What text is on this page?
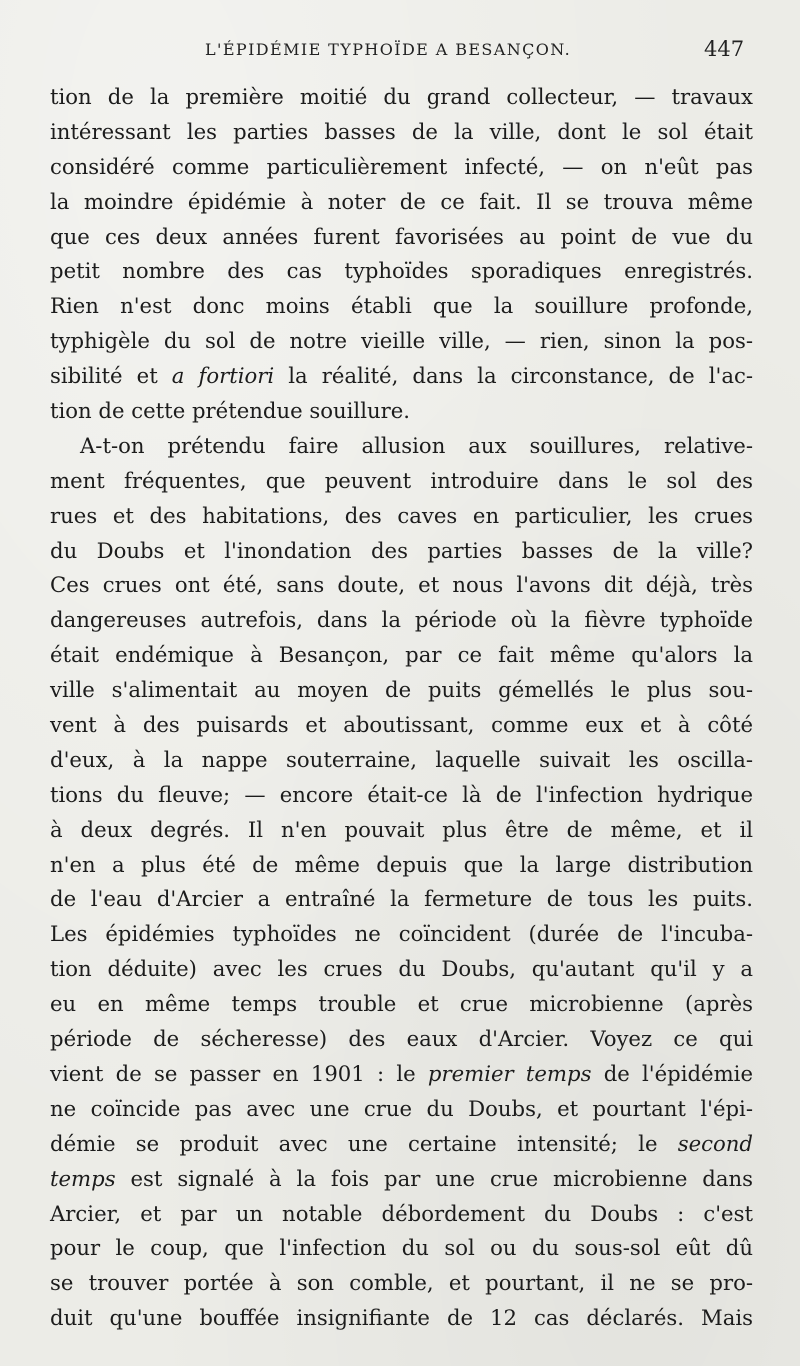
L'ÉPIDÉMIE TYPHOÏDE A BESANÇON.	447
tion de la première moitié du grand collecteur, — travaux
intéressant les parties basses de la ville, dont le sol était
considéré comme particulièrement infecté, — on n'eût pas
la moindre épidémie à noter de ce fait. Il se trouva même
que ces deux années furent favorisées au point de vue du
petit nombre des cas typhoïdes sporadiques enregistrés.
Rien n'est donc moins établi que la souillure profonde,
typhigèle du sol de notre vieille ville, — rien, sinon la pos-
sibilité et a fortiori la réalité, dans la circonstance, de l'ac-
tion de cette prétendue souillure.
A-t-on prétendu faire allusion aux souillures, relative-
ment fréquentes, que peuvent introduire dans le sol des
rues et des habitations, des caves en particulier, les crues
du Doubs et l'inondation des parties basses de la ville?
Ces crues ont été, sans doute, et nous l'avons dit déjà, très
dangereuses autrefois, dans la période où la fièvre typhoïde
était endémique à Besançon, par ce fait même qu'alors la
ville s'alimentait au moyen de puits gémellés le plus sou-
vent à des puisards et aboutissant, comme eux et à côté
d'eux, à la nappe souterraine, laquelle suivait les oscilla-
tions du fleuve; — encore était-ce là de l'infection hydrique
à deux degrés. Il n'en pouvait plus être de même, et il
n'en a plus été de même depuis que la large distribution
de l'eau d'Arcier a entraîné la fermeture de tous les puits.
Les épidémies typhoïdes ne coïncident (durée de l'incuba-
tion déduite) avec les crues du Doubs, qu'autant qu'il y a
eu en même temps trouble et crue microbienne (après
période de sécheresse) des eaux d'Arcier. Voyez ce qui
vient de se passer en 1901 : le premier temps de l'épidémie
ne coïncide pas avec une crue du Doubs, et pourtant l'épi-
démie se produit avec une certaine intensité; le second
temps est signalé à la fois par une crue microbienne dans
Arcier, et par un notable débordement du Doubs : c'est
pour le coup, que l'infection du sol ou du sous-sol eût dû
se trouver portée à son comble, et pourtant, il ne se pro-
duit qu'une bouffée insignifiante de 12 cas déclarés. Mais
